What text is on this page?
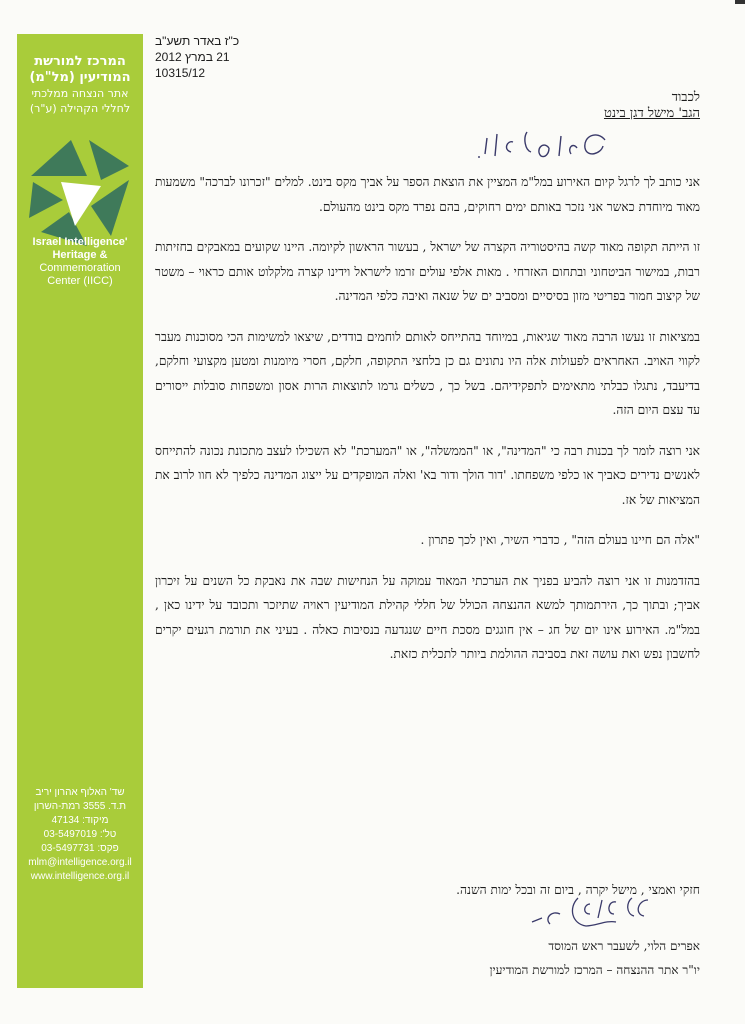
המרכז למורשת
המודיעין (מל"מ)
אתר הנצחה ממלכתי
לחללי הקהילה (ע"ר)
Israel Intelligence'
Heritage &
Commemoration
Center (IICC)
שד' האלוף אהרון יריב
ת.ד. 3555 רמת-השרון
מיקוד: 47134
טל': 03-5497019
פקס: 03-5497731
mlm@intelligence.org.il
www.intelligence.org.il
כ"ז באדר תשע"ב
21 במרץ 2012
10315/12
לכבוד
הגב' מישל דגן בינט

אני כותב לך לרגל קיום האירוע במל"מ המציין את הוצאת הספר על אביך מקס בינט. למלים "זכרונו לברכה" משמעות מאוד מיוחדת כאשר אני נזכר באותם ימים רחוקים, בהם נפרד מקס בינט מהעולם.

זו הייתה תקופה מאוד קשה בהיסטוריה הקצרה של ישראל , בעשור הראשון לקיומה. היינו שקועים במאבקים בחזיתות רבות, במישור הביטחוני ובתחום האזרחי . מאות אלפי עולים זרמו לישראל וידינו קצרה מלקלוט אותם כראוי – משטר של קיצוב חמור בפריטי מזון בסיסיים ומסביב ים של שנאה ואיבה כלפי המדינה.

במציאות זו נעשו הרבה מאוד שגיאות, במיוחד בהתייחס לאותם לוחמים בודדים, שיצאו למשימות הכי מסוכנות מעבר לקווי האויב. האחראים לפעולות אלה היו נתונים גם כן בלחצי התקופה, חלקם, חסרי מיומנות ומטען מקצועי וחלקם, בדיעבד, נתגלו כבלתי מתאימים לתפקידיהם. בשל כך , כשלים גרמו לתוצאות הרות אסון ומשפחות סובלות ייסורים עד עצם היום הזה.

אני רוצה לומר לך בכנות רבה כי "המדינה", או "הממשלה", או "המערכת" לא השכילו לעצב מתכונת נכונה להתייחס לאנשים נדירים כאביך או כלפי משפחתו. 'דור הולך ודור בא' ואלה המופקדים על ייצוג המדינה כלפיך לא חוו לרוב את המציאות של אז.

"אלה הם חיינו בעולם הזה" , כדברי השיר, ואין לכך פתרון .

בהזדמנות זו אני רוצה להביע בפניך את הערכתי המאוד עמוקה על הנחישות שבה את נאבקת כל השנים על זיכרון אביך; ובתוך כך, הירתמותך למשא ההנצחה הכולל של חללי קהילת המודיעין ראויה שתיזכר ותכובד על ידינו כאן , במל"מ. האירוע אינו יום של חג – אין חוגגים מסכת חיים שנגדעה בנסיבות כאלה . בעיני את תורמת רגעים יקרים לחשבון נפש ואת עושה זאת בסביבה ההולמת ביותר לתכלית כזאת.

חזקי ואמצי , מישל יקרה , ביום זה ובכל ימות השנה.
אפרים הלוי, לשעבר ראש המוסד
יו"ר אתר ההנצחה – המרכז למורשת המודיעין
